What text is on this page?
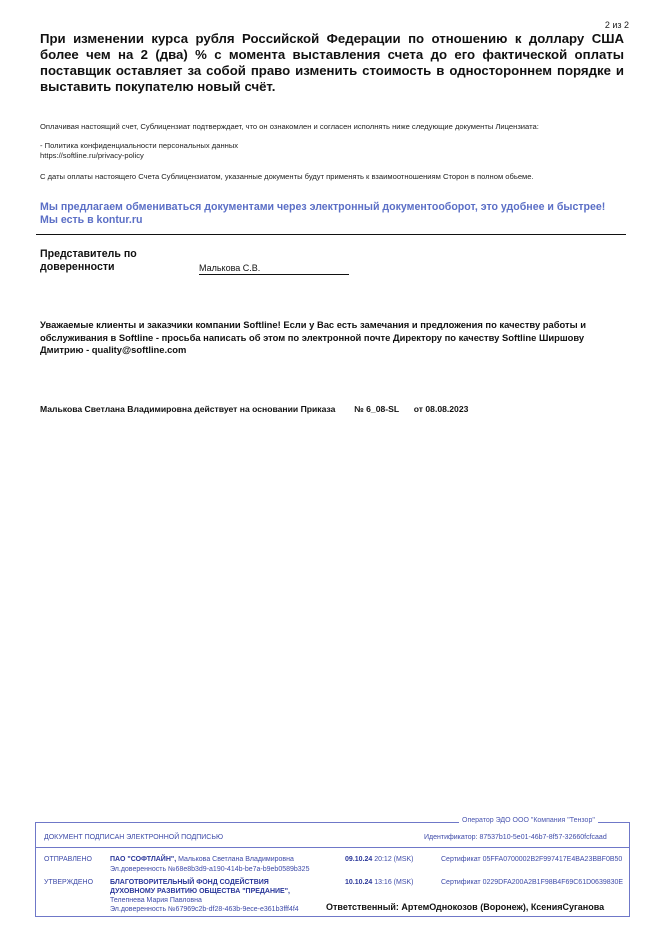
2 из 2
При изменении курса рубля Российской Федерации по отношению к доллару США более чем на 2 (два) % с момента выставления счета до его фактической оплаты поставщик оставляет за собой право изменить стоимость в одностороннем порядке и выставить покупателю новый счёт.
Оплачивая настоящий счет, Сублицензиат подтверждает, что он ознакомлен и согласен исполнять ниже следующие документы Лицензиата:
- Политика конфиденциальности персональных данных
https://softline.ru/privacy-policy
С даты оплаты настоящего Счета Сублицензиатом, указанные документы будут применять к взаимоотношениям Сторон в полном обьеме.
Мы предлагаем обмениваться документами через электронный документооборот, это удобнее и быстрее!
Мы есть в kontur.ru
Представитель по
доверенности	Малькова С.В.
Уважаемые клиенты и заказчики компании Softline! Если у Вас есть замечания и предложения по качеству работы и обслуживания в Softline - просьба написать об этом по электронной почте Директору по качеству Softline Ширшову Дмитрию - quality@softline.com
Малькова Светлана Владимировна действует на основании Приказа № 6_08-SL от 08.08.2023
Оператор ЭДО ООО "Компания "Тензор"
ДОКУМЕНТ ПОДПИСАН ЭЛЕКТРОННОЙ ПОДПИСЬЮ	Идентификатор: 87537b10-5e01-46b7-8f57-32660fcfcaad
ОТПРАВЛЕНО	ПАО "СОФТЛАЙН", Малькова Светлана Владимировна
Эл.доверенность №68e8b3d9-a190-414b-be7a-b9eb0589b325
09.10.24 20:12 (MSK)	Сертификат 05FFA0700002B2F997417E4BA23BBF0B50
УТВЕРЖДЕНО БЛАГОТВОРИТЕЛЬНЫЙ ФОНД СОДЕЙСТВИЯ
ДУХОВНОМУ РАЗВИТИЮ ОБЩЕСТВА "ПРЕДАНИЕ",
Телепнева Мария Павловна
Эл.доверенность №67969c2b-df28-463b-9ece-e361b3fff4f4
10.10.24 13:16 (MSK)	Сертификат 0229DFA200A2B1F98B4F69C61D0639830E
Ответственный: АртемОднокозов (Воронеж), КсенияСуганова
